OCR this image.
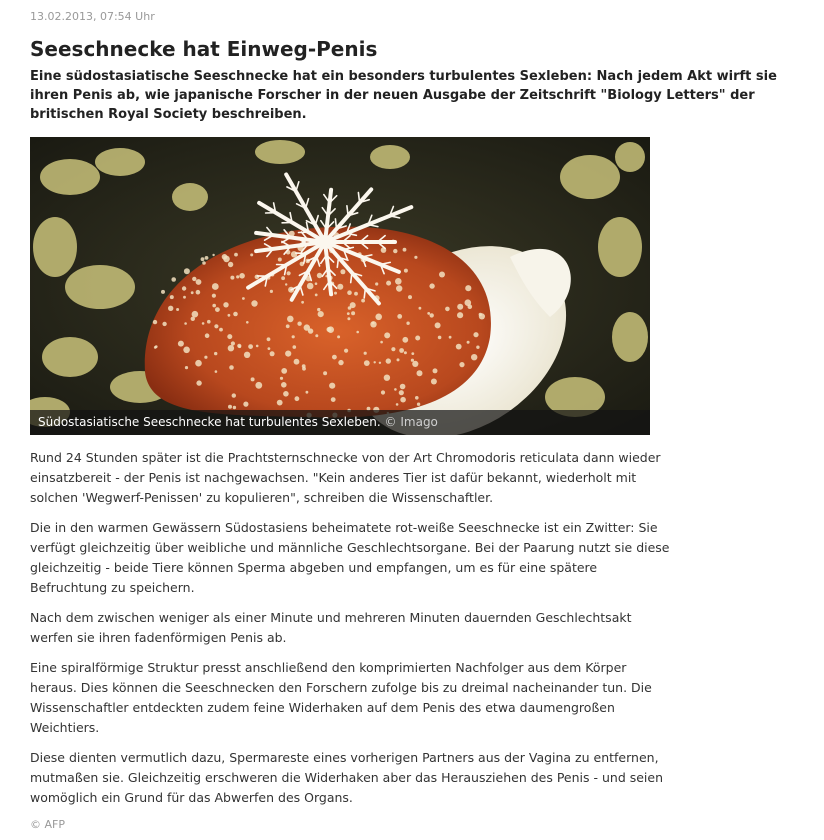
13.02.2013, 07:54 Uhr
Seeschnecke hat Einweg-Penis

Eine südostasiatische Seeschnecke hat ein besonders turbulentes Sexleben: Nach jedem Akt wirft sie ihren Penis ab, wie japanische Forscher in der neuen Ausgabe der Zeitschrift "Biology Letters" der britischen Royal Society beschreiben.

Südostasiatische Seeschnecke hat turbulentes Sexleben. © Imago

Rund 24 Stunden später ist die Prachtsternschnecke von der Art Chromodoris reticulata dann wieder einsatzbereit - der Penis ist nachgewachsen. "Kein anderes Tier ist dafür bekannt, wiederholt mit solchen 'Wegwerf-Penissen' zu kopulieren", schreiben die Wissenschaftler.

Die in den warmen Gewässern Südostasiens beheimatete rot-weiße Seeschnecke ist ein Zwitter: Sie verfügt gleichzeitig über weibliche und männliche Geschlechtsorgane. Bei der Paarung nutzt sie diese gleichzeitig - beide Tiere können Sperma abgeben und empfangen, um es für eine spätere Befruchtung zu speichern.

Nach dem zwischen weniger als einer Minute und mehreren Minuten dauernden Geschlechtsakt werfen sie ihren fadenförmigen Penis ab.

Eine spiralförmige Struktur presst anschließend den komprimierten Nachfolger aus dem Körper heraus. Dies können die Seeschnecken den Forschern zufolge bis zu dreimal nacheinander tun. Die Wissenschaftler entdeckten zudem feine Widerhaken auf dem Penis des etwa daumengroßen Weichtiers.

Diese dienten vermutlich dazu, Spermareste eines vorherigen Partners aus der Vagina zu entfernen, mutmaßen sie. Gleichzeitig erschweren die Widerhaken aber das Herausziehen des Penis - und seien womöglich ein Grund für das Abwerfen des Organs.

© AFP
